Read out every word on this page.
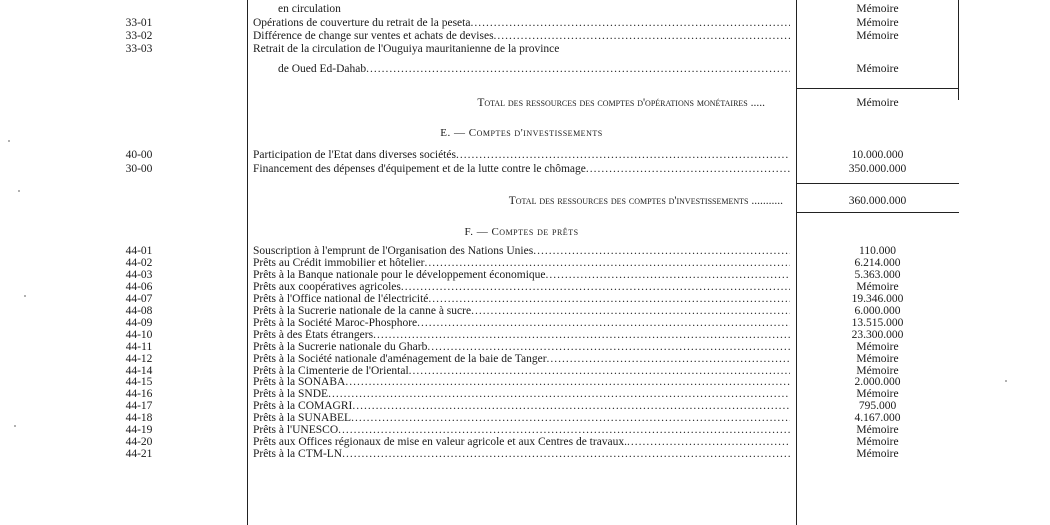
en circulation	Mémoire
33-01	Opérations de couverture du retrait de la peseta .....	Mémoire
33-02	Différence de change sur ventes et achats de devises .....	Mémoire
33-03	Retrait de la circulation de l'Ouguiya mauritanienne de la province
de Oued Ed-Dahab .....	Mémoire
Total des ressources des comptes d'opérations monétaires .....	Mémoire
E. — Comptes d'investissements
40-00	Participation de l'Etat dans diverses sociétés .....	10.000.000
30-00	Financement des dépenses d'équipement et de la lutte contre le chômage .....	350.000.000
Total des ressources des comptes d'investissements ...........	360.000.000
F. — Comptes de prêts
44-01	Souscription à l'emprunt de l'Organisation des Nations Unies .....	110.000
44-02	Prêts au Crédit immobilier et hôtelier .....	6.214.000
44-03	Prêts à la Banque nationale pour le développement économique .....	5.363.000
44-06	Prêts aux coopératives agricoles .....	Mémoire
44-07	Prêts à l'Office national de l'électricité .....	19.346.000
44-08	Prêts à la Sucrerie nationale de la canne à sucre .....	6.000.000
44-09	Prêts à la Société Maroc-Phosphore .....	13.515.000
44-10	Prêts à des États étrangers .....	23.300.000
44-11	Prêts à la Sucrerie nationale du Gharb .....	Mémoire
44-12	Prêts à la Société nationale d'aménagement de la baie de Tanger .....	Mémoire
44-14	Prêts à la Cimenterie de l'Oriental .....	Mémoire
44-15	Prêts à la SONABA .....	2.000.000
44-16	Prêts à la SNDE .....	Mémoire
44-17	Prêts à la COMAGRI .....	795.000
44-18	Prêts à la SUNABEL .....	4.167.000
44-19	Prêts à l'UNESCO .....	Mémoire
44-20	Prêts aux Offices régionaux de mise en valeur agricole et aux Centres de travaux. .....	Mémoire
44-21	Prêts à la CTM-LN .....	Mémoire
